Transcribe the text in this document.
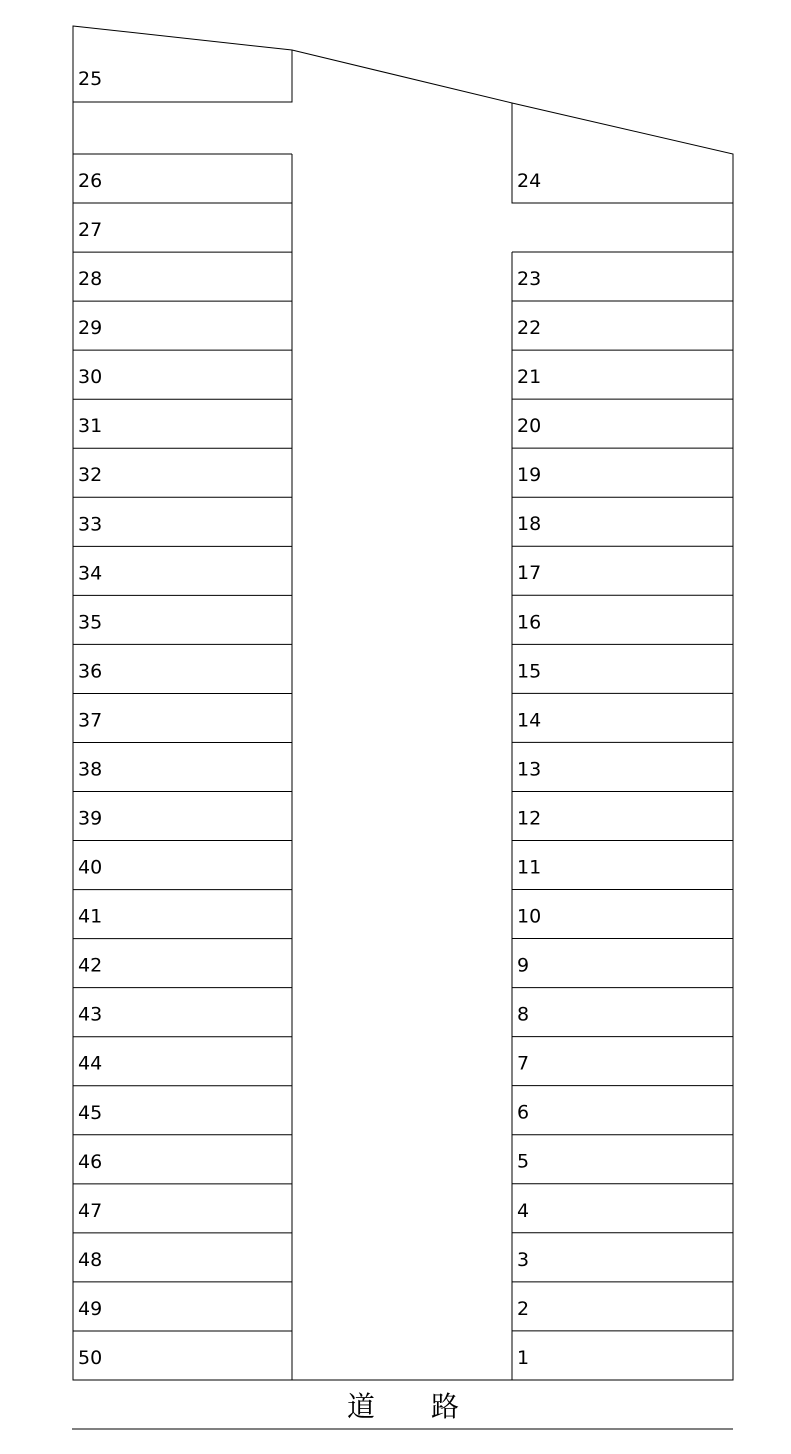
25
24
26
27
28
29
30
31
32
33
34
35
36
37
38
39
40
41
42
43
44
45
46
47
48
49
50
23
22
21
20
19
18
17
16
15
14
13
12
11
10
9
8
7
6
5
4
3
2
1
道　　路
